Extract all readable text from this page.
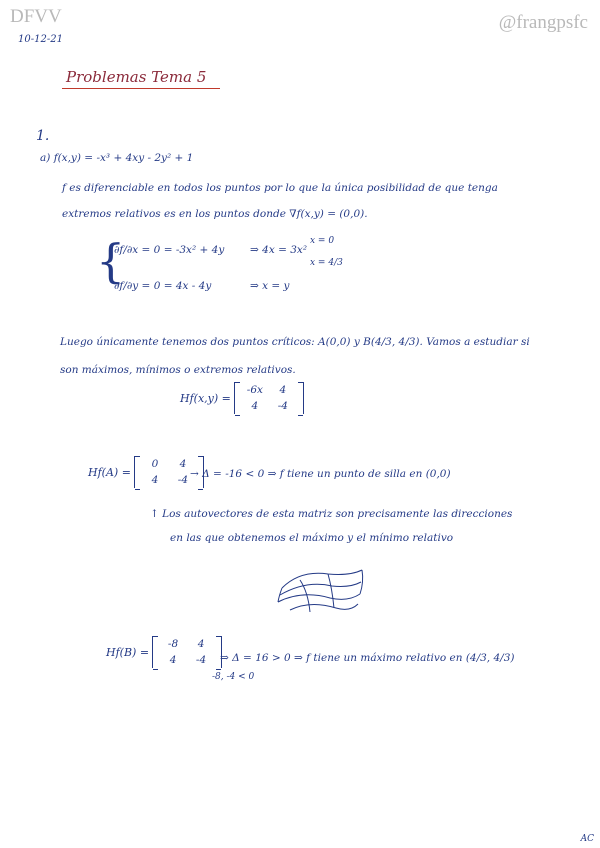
DFVV	@frangpsfc
10-12-21
Problemas Tema 5
1.
a) f(x,y) = -x³ + 4xy - 2y² + 1
f es diferenciable en todos los puntos por lo que la única posibilidad de que tenga
extremos relativos es en los puntos donde ∇f(x,y) = (0,0).
{
∂f/∂x = 0 = -3x² + 4y ⇒ 4x = 3x²
x = 0
x = 4/3
∂f/∂y = 0 = 4x - 4y	⇒ x = y
Luego únicamente tenemos dos puntos críticos: A(0,0) y B(4/3, 4/3). Vamos a estudiar si
son máximos, mínimos o extremos relativos.
Hf(x,y) =
-6x	4
4	-4
Hf(A) =
0	4
4	-4 → Δ = -16 < 0 ⇒ f tiene un punto de silla en (0,0)
↑ Los autovectores de esta matriz son precisamente las direcciones
en las que obtenemos el máximo y el mínimo relativo
Hf(B) =
-8	4
4	-4	⇒ Δ = 16 > 0 ⇒ f tiene un máximo relativo en (4/3, 4/3)
-8, -4 < 0
AC
